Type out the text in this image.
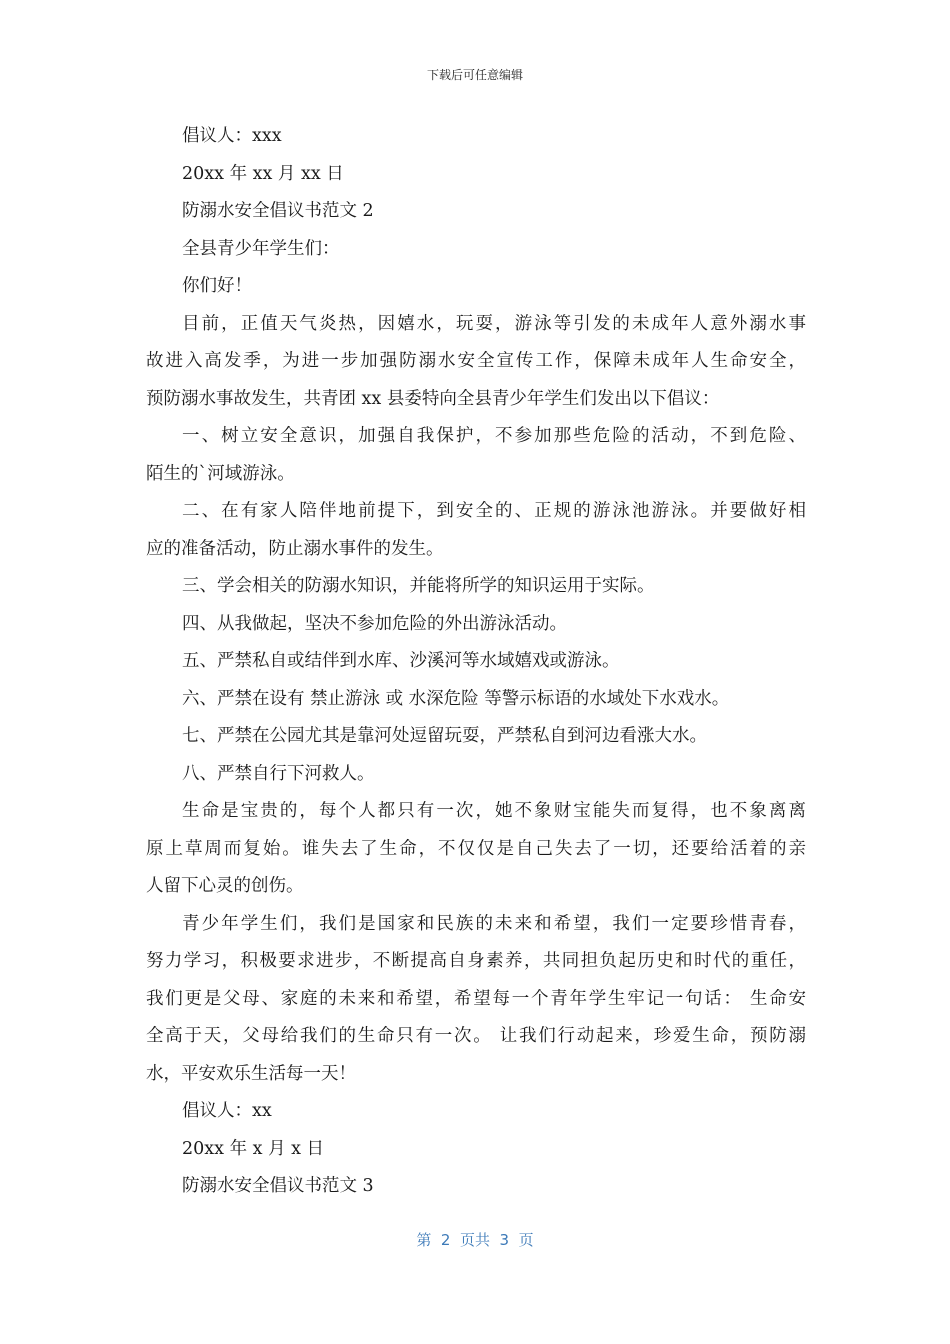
下载后可任意编辑
倡议人：xxx
20xx 年 xx 月 xx 日
防溺水安全倡议书范文 2
全县青少年学生们：
你们好！
目前，正值天气炎热，因嬉水，玩耍，游泳等引发的未成年人意外溺水事
故进入高发季，为进一步加强防溺水安全宣传工作，保障未成年人生命安全，
预防溺水事故发生，共青团 xx 县委特向全县青少年学生们发出以下倡议：
一、树立安全意识，加强自我保护，不参加那些危险的活动，不到危险、
陌生的`河域游泳。
二、在有家人陪伴地前提下，到安全的、正规的游泳池游泳。并要做好相
应的准备活动，防止溺水事件的发生。
三、学会相关的防溺水知识，并能将所学的知识运用于实际。
四、从我做起，坚决不参加危险的外出游泳活动。
五、严禁私自或结伴到水库、沙溪河等水域嬉戏或游泳。
六、严禁在设有 禁止游泳 或 水深危险 等警示标语的水域处下水戏水。
七、严禁在公园尤其是靠河处逗留玩耍，严禁私自到河边看涨大水。
八、严禁自行下河救人。
生命是宝贵的，每个人都只有一次，她不象财宝能失而复得，也不象离离
原上草周而复始。谁失去了生命，不仅仅是自己失去了一切，还要给活着的亲
人留下心灵的创伤。
青少年学生们，我们是国家和民族的未来和希望，我们一定要珍惜青春，
努力学习，积极要求进步，不断提高自身素养，共同担负起历史和时代的重任，
我们更是父母、家庭的未来和希望，希望每一个青年学生牢记一句话： 生命安
全高于天，父母给我们的生命只有一次。 让我们行动起来，珍爱生命，预防溺
水，平安欢乐生活每一天！
倡议人：xx
20xx 年 x 月 x 日
防溺水安全倡议书范文 3
第  2  页共  3  页
